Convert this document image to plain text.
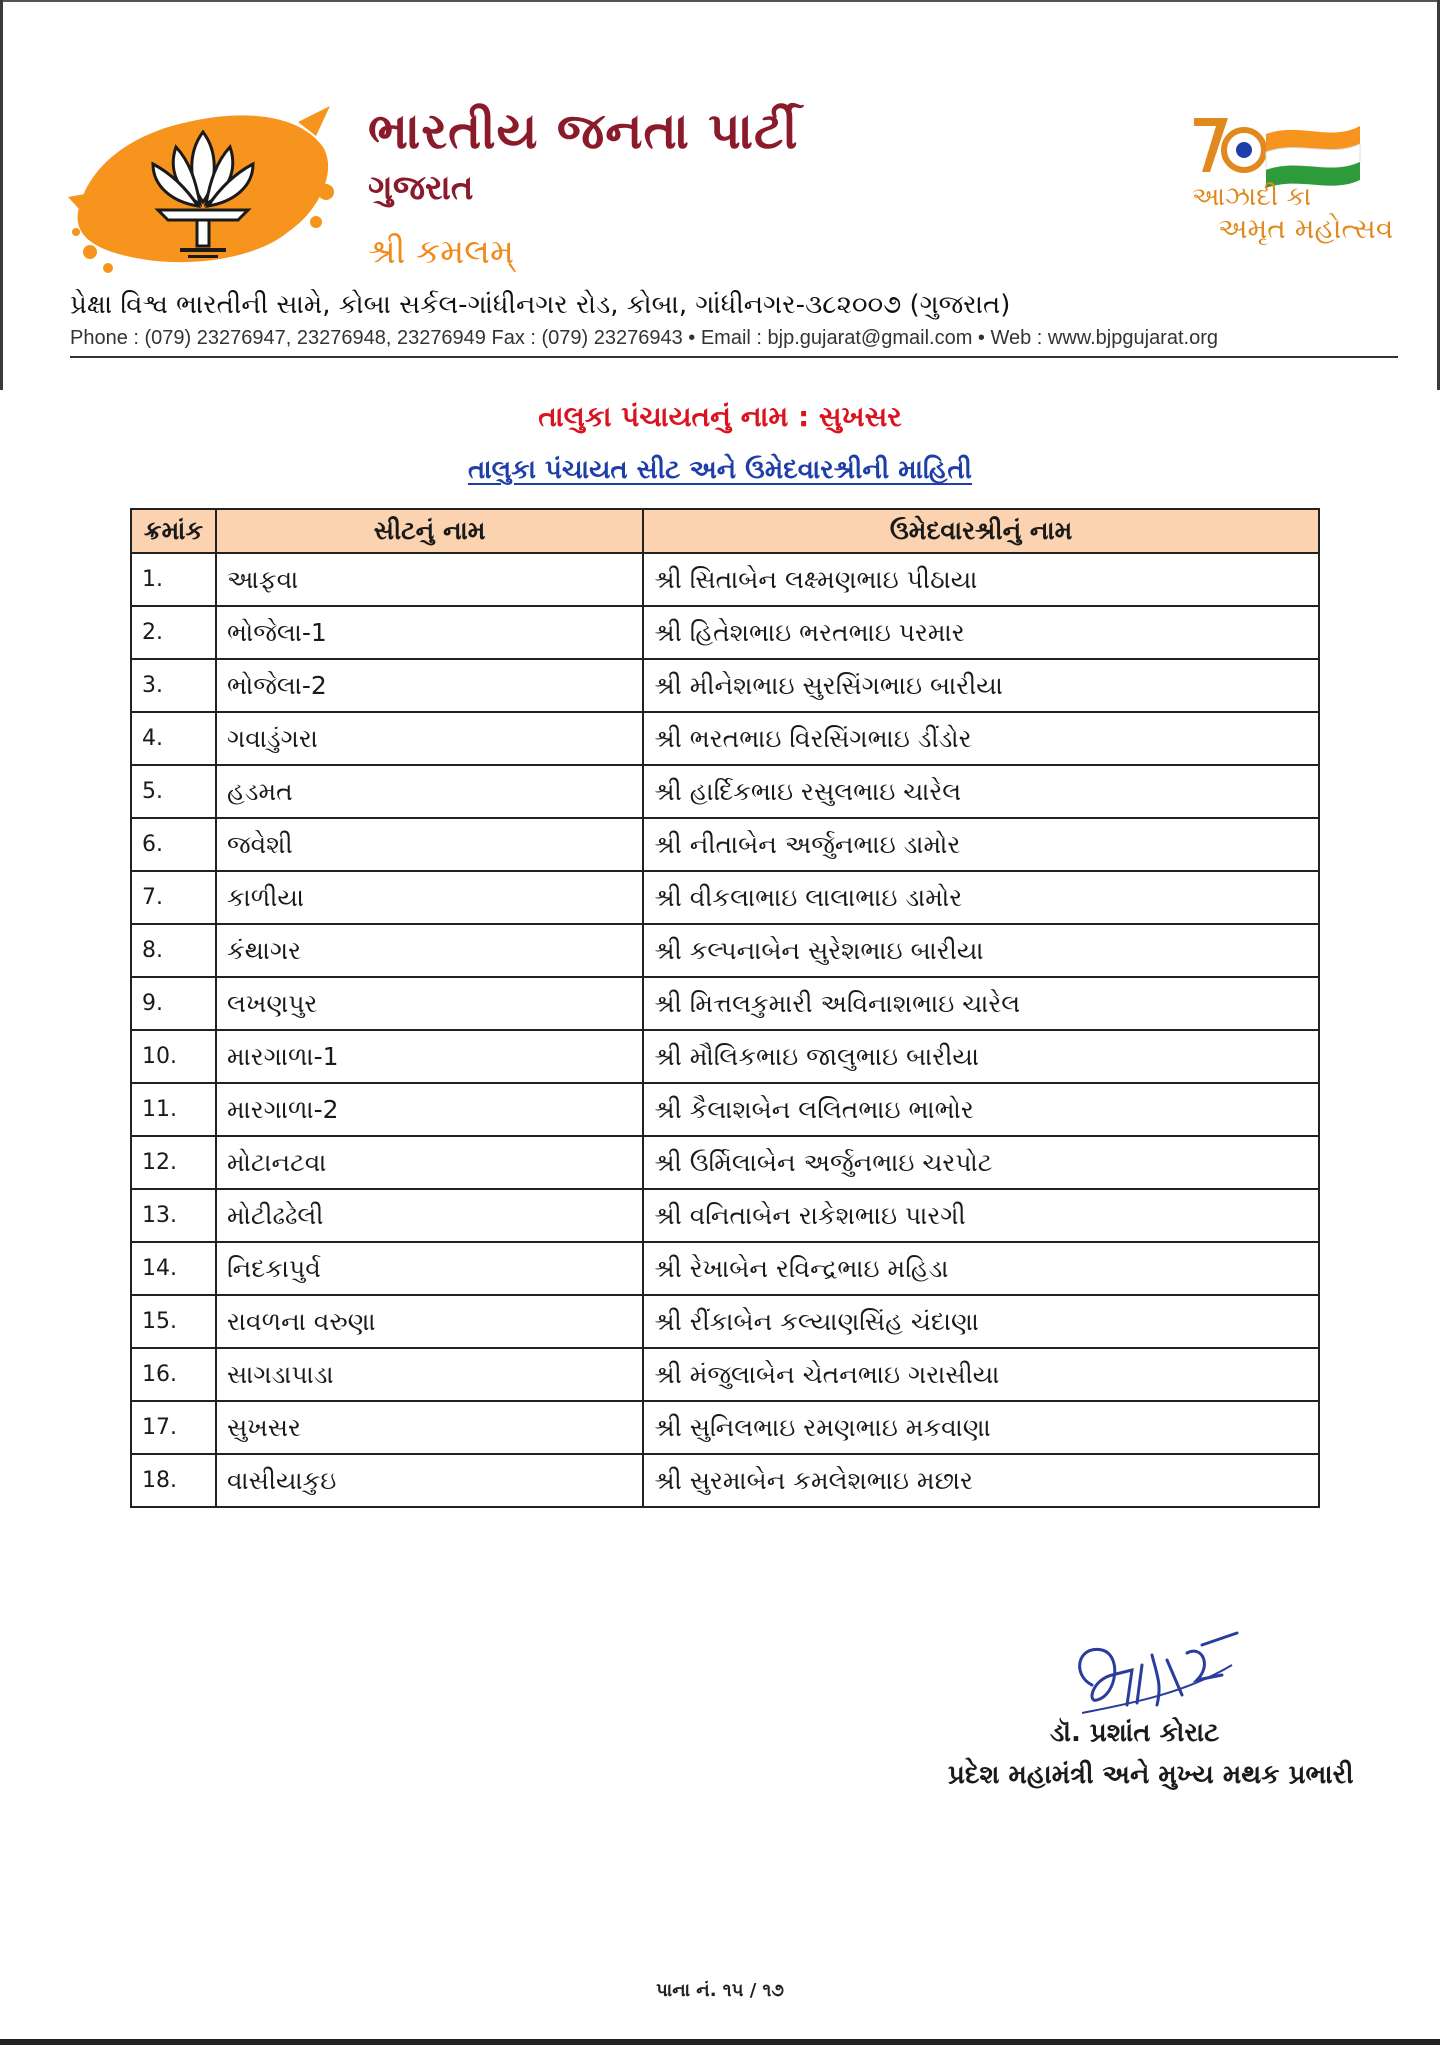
ભારતીય જનતા પાર્ટી
ગુજરાત
શ્રી કમલમ્
આઝાદી કા
અમૃત મહોત્સવ
પ્રેક્ષા વિશ્વ ભારતીની સામે, કોબા સર્કલ-ગાંધીનગર રોડ, કોબા, ગાંધીનગર-૩૮૨૦૦૭ (ગુજરાત)
Phone : (079) 23276947, 23276948, 23276949 Fax : (079) 23276943 • Email : bjp.gujarat@gmail.com • Web : www.bjpgujarat.org
તાલુકા પંચાયતનું નામ : સુખસર
તાલુકા પંચાયત સીટ અને ઉમેદવારશ્રીની માહિતી
ક્રમાંક	સીટનું નામ	ઉમેદવારશ્રીનું નામ
1.	આફવા	શ્રી સિતાબેન લક્ષ્મણભાઇ પીઠાયા
2.	ભોજેલા-1	શ્રી હિતેશભાઇ ભરતભાઇ પરમાર
3.	ભોજેલા-2	શ્રી મીનેશભાઇ સુરસિંગભાઇ બારીયા
4.	ગવાડુંગરા	શ્રી ભરતભાઇ વિરસિંગભાઇ ડીંડોર
5.	હડમત	શ્રી હાર્દિકભાઇ રસુલભાઇ ચારેલ
6.	જવેશી	શ્રી નીતાબેન અર્જુનભાઇ ડામોર
7.	કાળીયા	શ્રી વીકલાભાઇ લાલાભાઇ ડામોર
8.	કંથાગર	શ્રી કલ્પનાબેન સુરેશભાઇ બારીયા
9.	લખણપુર	શ્રી મિત્તલકુમારી અવિનાશભાઇ ચારેલ
10.	મારગાળા-1	શ્રી મૌલિકભાઇ જાલુભાઇ બારીયા
11.	મારગાળા-2	શ્રી કૈલાશબેન લલિતભાઇ ભાભોર
12.	મોટાનટવા	શ્રી ઉર્મિલાબેન અર્જુનભાઇ ચરપોટ
13.	મોટીઢઢેલી	શ્રી વનિતાબેન રાકેશભાઇ પારગી
14.	નિદકાપુર્વ	શ્રી રેખાબેન રવિન્દ્રભાઇ મહિડા
15.	રાવળના વરુણા	શ્રી રીંકાબેન કલ્યાણસિંહ ચંદાણા
16.	સાગડાપાડા	શ્રી મંજુલાબેન ચેતનભાઇ ગરાસીયા
17.	સુખસર	શ્રી સુનિલભાઇ રમણભાઇ મકવાણા
18.	વાસીયાકુઇ	શ્રી સુરમાબેન કમલેશભાઇ મછાર
ડૉ. પ્રશાંત કોરાટ
પ્રદેશ મહામંત્રી અને મુખ્ય મથક પ્રભારી
પાના નં. ૧૫ / ૧૭
